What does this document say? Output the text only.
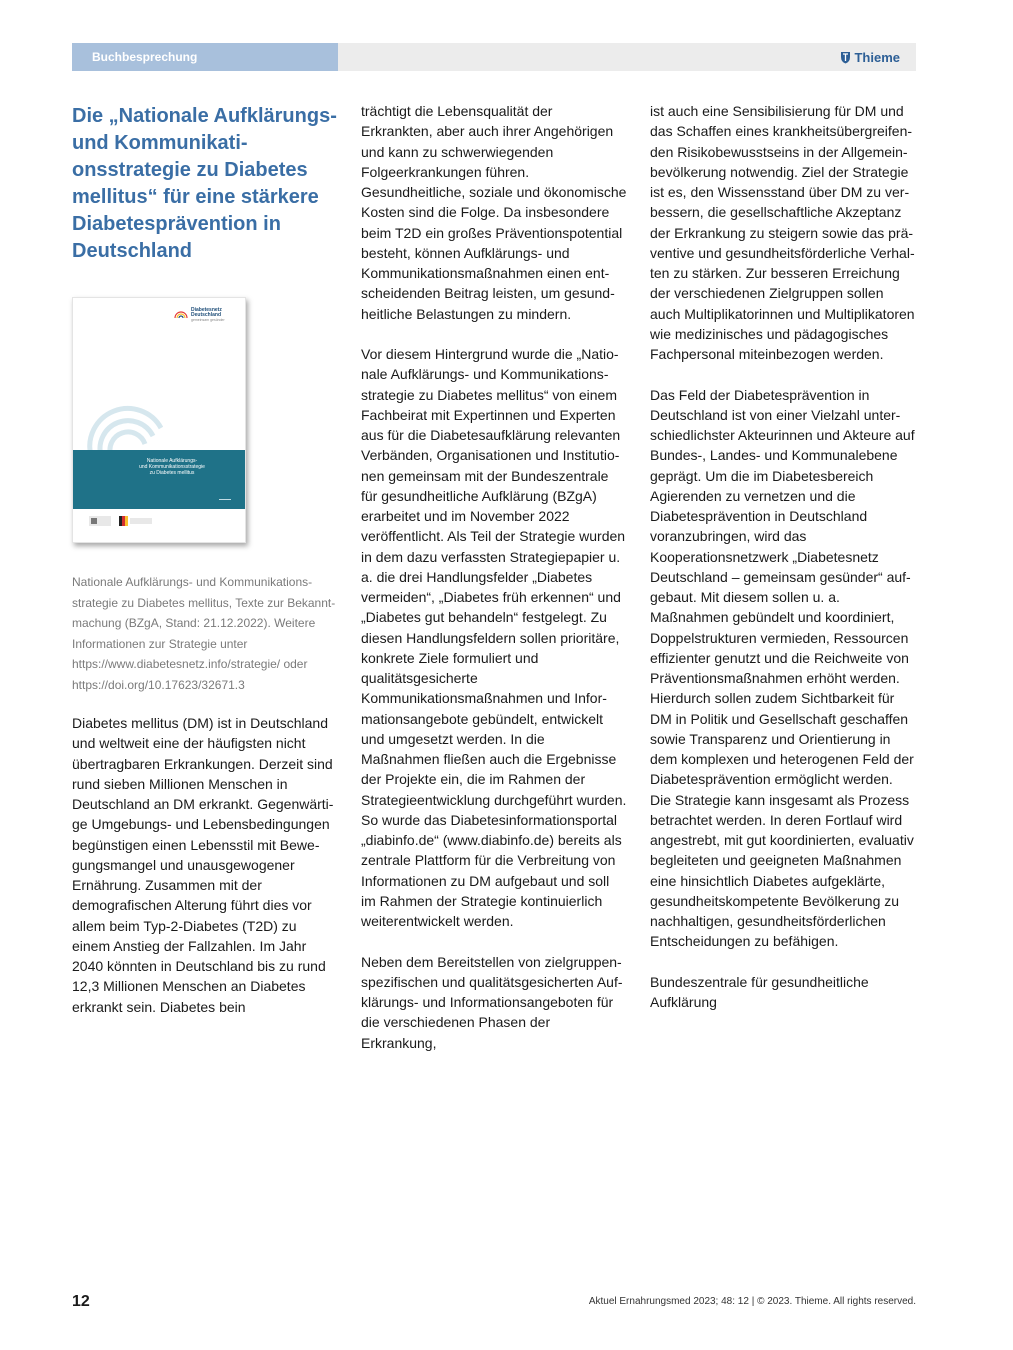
Buchbesprechung	Thieme
Die „Nationale Aufklärungs- und Kommunikationsstrategie zu Diabetes mellitus“ für eine stärkere Diabetesprävention in Deutschland
Diabetesnetz
Deutschland
gemeinsam gesünder
Nationale Aufklärungs-
und Kommunikationsstrategie
zu Diabetes mellitus
▬▬▬▬

Nationale Aufklärungs- und Kommunikationsstrategie zu Diabetes mellitus, Texte zur Bekanntmachung (BZgA, Stand: 21.12.2022). Weitere Informationen zur Strategie unter https://www.diabetesnetz.info/strategie/ oder https://doi.org/10.17623/32671.3

Diabetes mellitus (DM) ist in Deutschland und weltweit eine der häufigsten nicht übertragbaren Erkrankungen. Derzeit sind rund sieben Millionen Menschen in Deutschland an DM erkrankt. Gegenwärtige Umgebungs- und Lebensbedingungen begünstigen einen Lebensstil mit Bewegungsmangel und unausgewogener Ernährung. Zusammen mit der demografischen Alterung führt dies vor allem beim Typ-2-Diabetes (T2D) zu einem Anstieg der Fallzahlen. Im Jahr 2040 könnten in Deutschland bis zu rund 12,3 Millionen Menschen an Diabetes erkrankt sein. Diabetes bein

trächtigt die Lebensqualität der Erkrankten, aber auch ihrer Angehörigen und kann zu schwerwiegenden Folgeerkrankungen führen. Gesundheitliche, soziale und ökonomische Kosten sind die Folge. Da insbesondere beim T2D ein großes Präventionspotential besteht, können Aufklärungs- und Kommunikationsmaßnahmen einen entscheidenden Beitrag leisten, um gesundheitliche Belastungen zu mindern.

Vor diesem Hintergrund wurde die „Nationale Aufklärungs- und Kommunikationsstrategie zu Diabetes mellitus“ von einem Fachbeirat mit Expertinnen und Experten aus für die Diabetesaufklärung relevanten Verbänden, Organisationen und Institutionen gemeinsam mit der Bundeszentrale für gesundheitliche Aufklärung (BZgA) erarbeitet und im November 2022 veröffentlicht. Als Teil der Strategie wurden in dem dazu verfassten Strategiepapier u. a. die drei Handlungsfelder „Diabetes vermeiden“, „Diabetes früh erkennen“ und „Diabetes gut behandeln“ festgelegt. Zu diesen Handlungsfeldern sollen prioritäre, konkrete Ziele formuliert und qualitätsgesicherte Kommunikationsmaßnahmen und Informationsangebote gebündelt, entwickelt und umgesetzt werden. In die Maßnahmen fließen auch die Ergebnisse der Projekte ein, die im Rahmen der Strategieentwicklung durchgeführt wurden. So wurde das Diabetesinformationsportal „diabinfo.de“ (www.diabinfo.de) bereits als zentrale Plattform für die Verbreitung von Informationen zu DM aufgebaut und soll im Rahmen der Strategie kontinuierlich weiterentwickelt werden.

Neben dem Bereitstellen von zielgruppenspezifischen und qualitätsgesicherten Aufklärungs- und Informationsangeboten für die verschiedenen Phasen der Erkrankung,

ist auch eine Sensibilisierung für DM und das Schaffen eines krankheitsübergreifenden Risikobewusstseins in der Allgemeinbevölkerung notwendig. Ziel der Strategie ist es, den Wissensstand über DM zu verbessern, die gesellschaftliche Akzeptanz der Erkrankung zu steigern sowie das präventive und gesundheitsförderliche Verhalten zu stärken. Zur besseren Erreichung der verschiedenen Zielgruppen sollen auch Multiplikatorinnen und Multiplikatoren wie medizinisches und pädagogisches Fachpersonal miteinbezogen werden.

Das Feld der Diabetesprävention in Deutschland ist von einer Vielzahl unterschiedlichster Akteurinnen und Akteure auf Bundes-, Landes- und Kommunalebene geprägt. Um die im Diabetesbereich Agierenden zu vernetzen und die Diabetesprävention in Deutschland voranzubringen, wird das Kooperationsnetzwerk „Diabetesnetz Deutschland – gemeinsam gesünder“ aufgebaut. Mit diesem sollen u. a. Maßnahmen gebündelt und koordiniert, Doppelstrukturen vermieden, Ressourcen effizienter genutzt und die Reichweite von Präventionsmaßnahmen erhöht werden. Hierdurch sollen zudem Sichtbarkeit für DM in Politik und Gesellschaft geschaffen sowie Transparenz und Orientierung in dem komplexen und heterogenen Feld der Diabetesprävention ermöglicht werden. Die Strategie kann insgesamt als Prozess betrachtet werden. In deren Fortlauf wird angestrebt, mit gut koordinierten, evaluativ begleiteten und geeigneten Maßnahmen eine hinsichtlich Diabetes aufgeklärte, gesundheitskompetente Bevölkerung zu nachhaltigen, gesundheitsförderlichen Entscheidungen zu befähigen.

Bundeszentrale für gesundheitliche Aufklärung

12	Aktuel Ernahrungsmed 2023; 48: 12 | © 2023. Thieme. All rights reserved.
